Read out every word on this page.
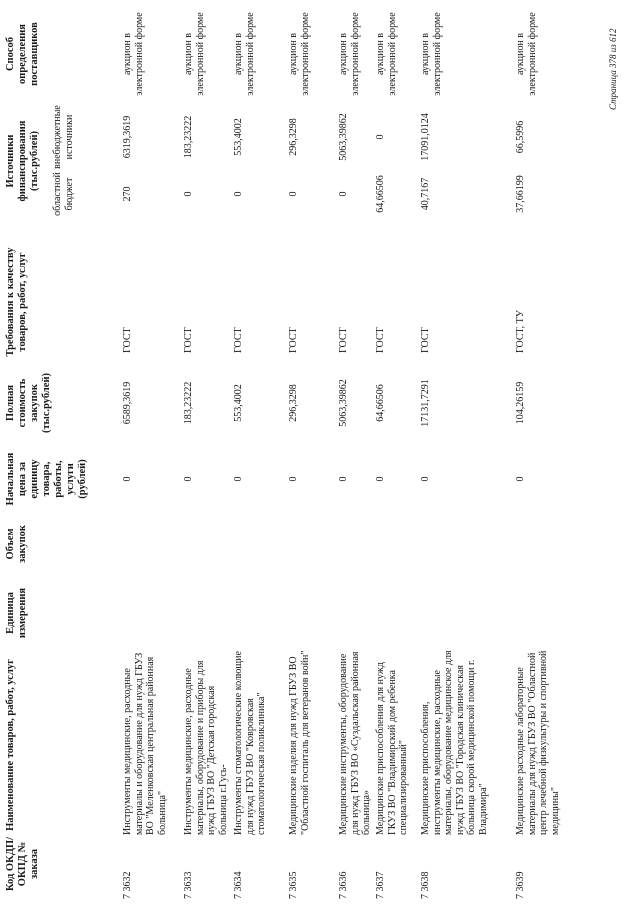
Код ОКДП/ ОКПД № заказа
Наименование товаров, работ, услуг
Единица измерения
Объем закупок
Начальная цена за единицу товара, работы, услуги (рублей)
Полная стоимость закупок (тыс.рублей)
Требования к качеству товаров, работ, услуг
Источники финансирования (тыс.рублей)
областной бюджет
внебюджетные источники
Способ определения поставщиков
7 3632
Инструменты медицинские, расходные материалы и оборудование для нужд ГБУЗ ВО "Меленковская центральная районная больница"
0
6589,3619
ГОСТ
270
6319,3619
аукцион в электронной форме
7 3633
Инструменты медицинские, расходные материалы, оборудование и приборы для нужд ГБУЗ ВО "Детская городская больница г.Гусь-
0
183,23222
ГОСТ
0
183,23222
аукцион в электронной форме
7 3634
Инструменты стоматологические колющие для нужд ГБУЗ ВО "Ковровская стоматологическая поликлиника"
0
553,4002
ГОСТ
0
553,4002
аукцион в электронной форме
7 3635
Медицинские изделия для нужд ГБУЗ ВО "Областной госпиталь для ветеранов войн"
0
296,3298
ГОСТ
0
296,3298
аукцион в электронной форме
7 3636
Медицинские инструменты, оборудование для нужд ГБУЗ ВО «Суздальская районная больница»
0
5063,39862
ГОСТ
0
5063,39862
аукцион в электронной форме
7 3637
Медицинские приспособления для нужд ГКУЗ ВО "Владимирский дом ребенка специализированный"
0
64,66506
ГОСТ
64,66506
0
аукцион в электронной форме
7 3638
Медицинские приспособления, инструменты медицинские, расходные материалы, оборудование медицинское для нужд ГБУЗ ВО "Городская клиническая больница скорой медицинской помощи г. Владимира"
0
17131,7291
ГОСТ
40,7167
17091,0124
аукцион в электронной форме
7 3639
Медицинские расходные лабораторные материалы для нужд ГБУЗ ВО "Областной центр лечебной физкультуры и спортивной медицины"
0
104,26159
ГОСТ, ТУ
37,66199
66,5996
аукцион в электронной форме	Страница 378 из 612
